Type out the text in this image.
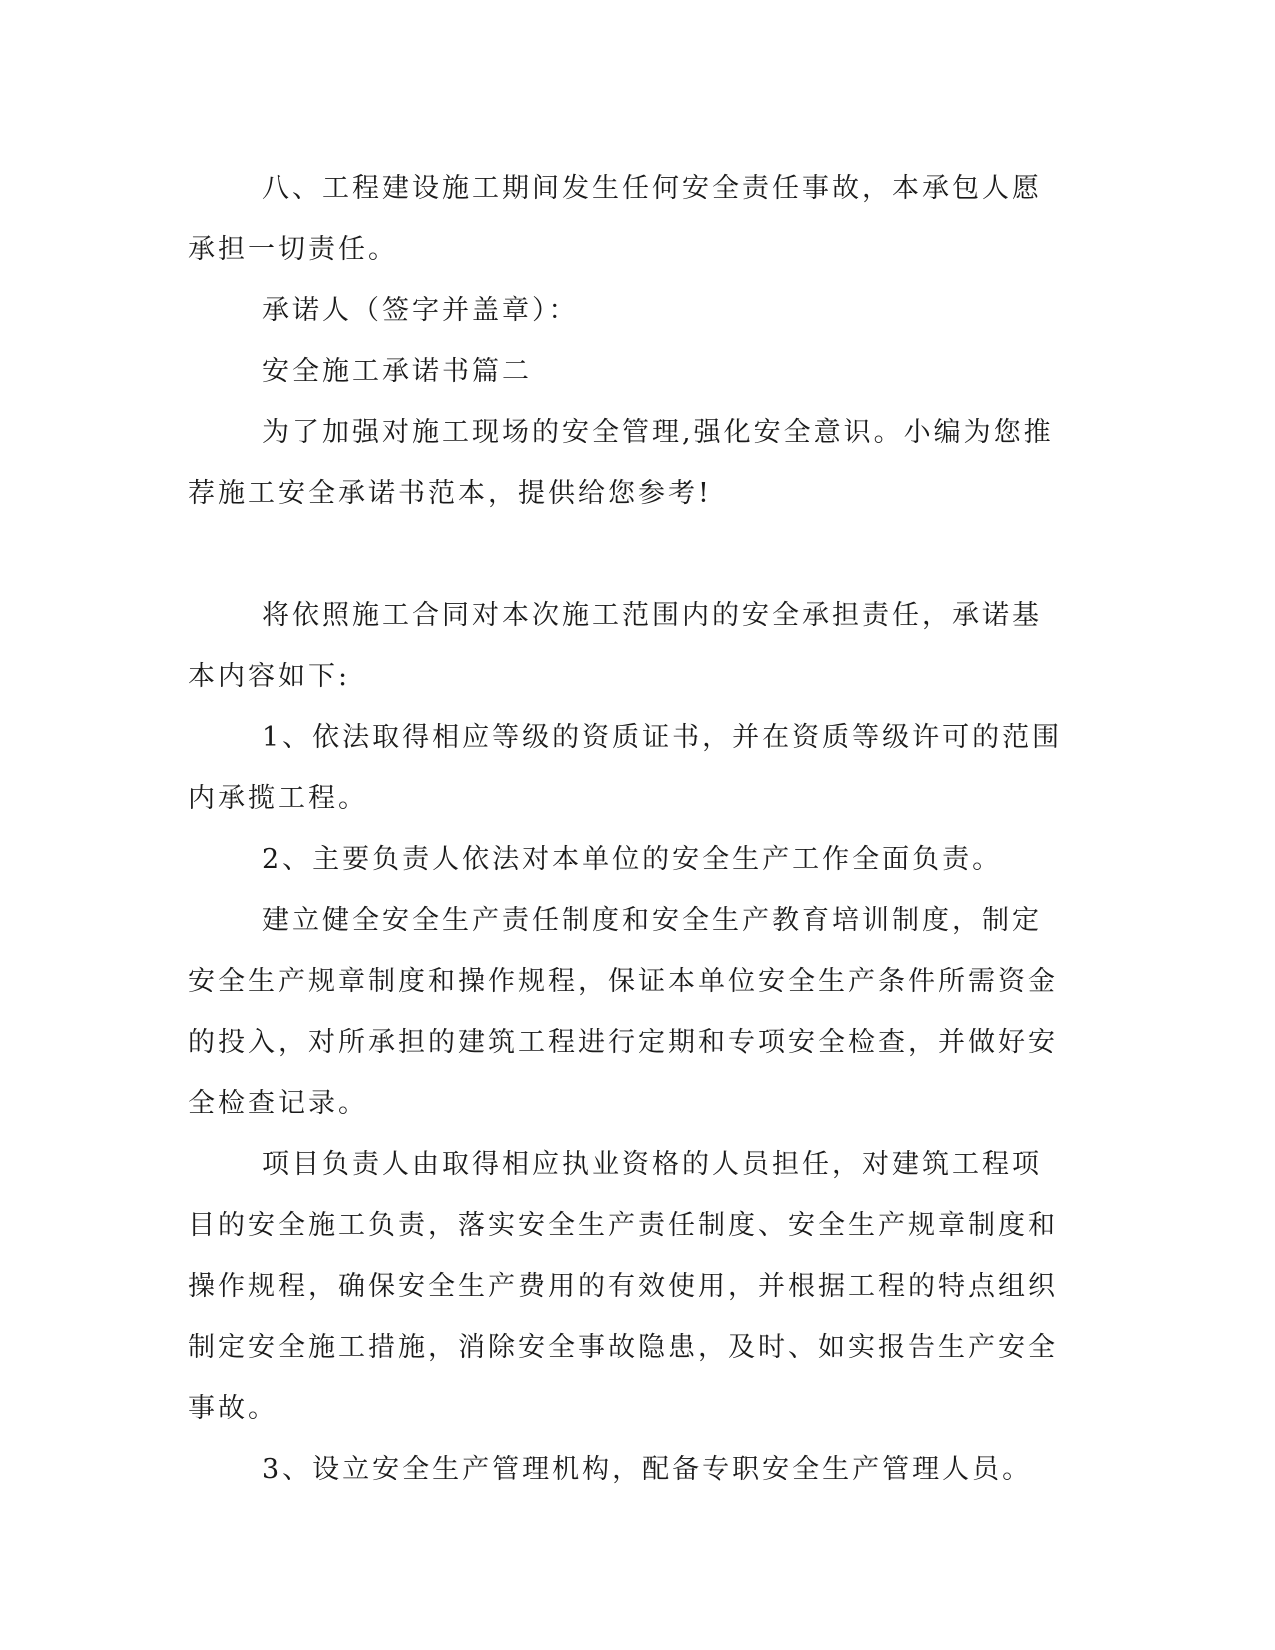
八、工程建设施工期间发生任何安全责任事故，本承包人愿承担一切责任。

承诺人（签字并盖章）：

安全施工承诺书篇二

为了加强对施工现场的安全管理,强化安全意识。小编为您推荐施工安全承诺书范本，提供给您参考!

将依照施工合同对本次施工范围内的安全承担责任，承诺基本内容如下:

1、依法取得相应等级的资质证书，并在资质等级许可的范围内承揽工程。

2、主要负责人依法对本单位的安全生产工作全面负责。

建立健全安全生产责任制度和安全生产教育培训制度，制定安全生产规章制度和操作规程，保证本单位安全生产条件所需资金的投入，对所承担的建筑工程进行定期和专项安全检查，并做好安全检查记录。

项目负责人由取得相应执业资格的人员担任，对建筑工程项目的安全施工负责，落实安全生产责任制度、安全生产规章制度和操作规程，确保安全生产费用的有效使用，并根据工程的特点组织制定安全施工措施，消除安全事故隐患，及时、如实报告生产安全事故。

3、设立安全生产管理机构，配备专职安全生产管理人员。
